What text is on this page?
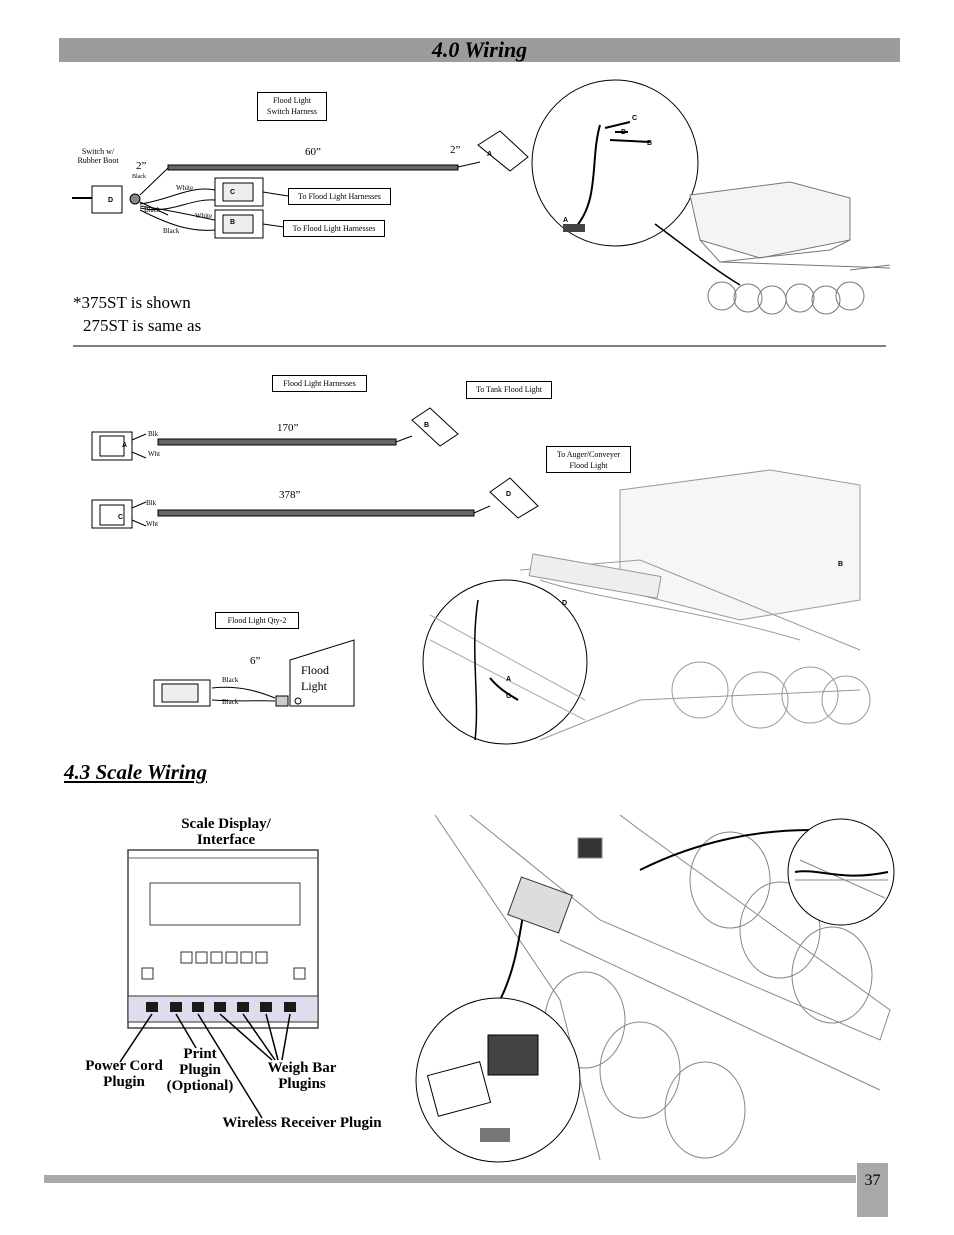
4.0 Wiring
Switch w/
Rubber Boot
Flood Light
Switch Harness
60”	2”
2”
Black
White
Black
White
Black
To Flood Light Harnesses
To Flood Light Harnesses
D
C
B
A
*375ST is shown
275ST is same as
C
D
B
A
Flood Light Harnesses
To Tank Flood Light
To Auger/Conveyer
Flood Light
170”
378”
Blk
Wht
Blk
Wht
A
C
B
D
Flood Light Qty-2
6”
Black
Black
Flood
Light
B
D
A
C
4.3 Scale Wiring
Scale Display/
Interface
Power Cord
Plugin
Print
Plugin
(Optional)
Weigh Bar
Plugins
Wireless Receiver Plugin
37
